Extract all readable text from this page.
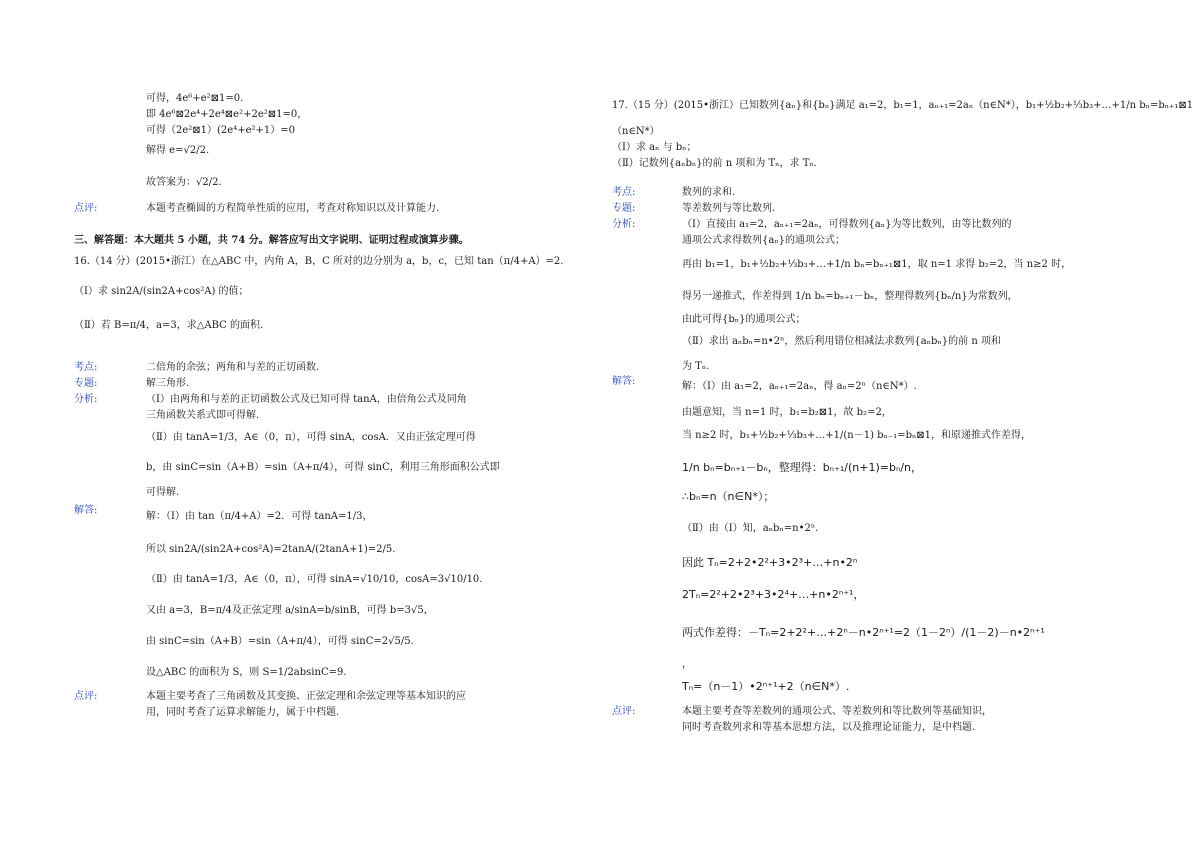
可得，4e⁶+e²⊠1=0.
即 4e⁶⊠2e⁴+2e⁴⊠e²+2e²⊠1=0，
可得（2e²⊠1）(2e⁴+e²+1）=0
解得 e=√2/2.
故答案为：√2/2.
点评:	本题考查椭圆的方程简单性质的应用，考查对称知识以及计算能力.
三、解答题：本大题共 5 小题，共 74 分。解答应写出文字说明、证明过程或演算步骤。
16.（14 分）(2015•浙江）在△ABC 中，内角 A，B，C 所对的边分别为 a，b，c，已知 tan（π/4+A）=2.
（Ⅰ）求 sin2A/(sin2A+cos²A) 的值；
（Ⅱ）若 B=π/4，a=3，求△ABC 的面积.
考点:	二倍角的余弦；两角和与差的正切函数.
专题:	解三角形.
分析:	（Ⅰ）由两角和与差的正切函数公式及已知可得 tanA，由倍角公式及同角
三角函数关系式即可得解.
（Ⅱ）由 tanA=1/3，A∈（0，π），可得 sinA，cosA．又由正弦定理可得
b，由 sinC=sin（A+B）=sin（A+π/4），可得 sinC，利用三角形面积公式即
可得解.
解答:
解：（Ⅰ）由 tan（π/4+A）=2．可得 tanA=1/3，
所以 sin2A/(sin2A+cos²A)=2tanA/(2tanA+1)=2/5.
（Ⅱ）由 tanA=1/3，A∈（0，π），可得 sinA=√10/10，cosA=3√10/10.
又由 a=3，B=π/4及正弦定理 a/sinA=b/sinB，可得 b=3√5，
由 sinC=sin（A+B）=sin（A+π/4），可得 sinC=2√5/5.
设△ABC 的面积为 S，则 S=1/2absinC=9.
点评:	本题主要考查了三角函数及其变换、正弦定理和余弦定理等基本知识的应
用，同时考查了运算求解能力，属于中档题.
17.（15 分）(2015•浙江）已知数列{aₙ}和{bₙ}满足 a₁=2，b₁=1，aₙ₊₁=2aₙ（n∈N*），b₁+½b₂+⅓b₃+…+1/n bₙ=bₙ₊₁⊠1
（n∈N*）
（Ⅰ）求 aₙ 与 bₙ；
（Ⅱ）记数列{aₙbₙ}的前 n 项和为 Tₙ，求 Tₙ.
考点:	数列的求和.
专题:	等差数列与等比数列.
分析:	（Ⅰ）直接由 a₁=2，aₙ₊₁=2aₙ，可得数列{aₙ}为等比数列，由等比数列的
通项公式求得数列{aₙ}的通项公式；
再由 b₁=1，b₁+½b₂+⅓b₃+…+1/n bₙ=bₙ₊₁⊠1，取 n=1 求得 b₂=2，当 n≥2 时，
得另一递推式，作差得到 1/n bₙ=bₙ₊₁－bₙ，整理得数列{bₙ/n}为常数列，
由此可得{bₙ}的通项公式；
（Ⅱ）求出 aₙbₙ=n•2ⁿ，然后利用错位相减法求数列{aₙbₙ}的前 n 项和
为 Tₙ.
解答:	解：（Ⅰ）由 a₁=2，aₙ₊₁=2aₙ，得 aₙ=2ⁿ（n∈N*）.
由题意知，当 n=1 时，b₁=b₂⊠1，故 b₂=2，
当 n≥2 时，b₁+½b₂+⅓b₃+…+1/(n－1) bₙ₋₁=bₙ⊠1，和原递推式作差得，
1/n bₙ=bₙ₊₁－bₙ，整理得：bₙ₊₁/(n+1)=bₙ/n，
∴bₙ=n（n∈N*）；
（Ⅱ）由（Ⅰ）知，aₙbₙ=n•2ⁿ.
因此 Tₙ=2+2•2²+3•2³+…+n•2ⁿ
2Tₙ=2²+2•2³+3•2⁴+…+n•2ⁿ⁺¹，
两式作差得：－Tₙ=2+2²+…+2ⁿ－n•2ⁿ⁺¹=2（1－2ⁿ）/(1－2)－n•2ⁿ⁺¹
，
Tₙ=（n－1）•2ⁿ⁺¹+2（n∈N*）.
点评:	本题主要考查等差数列的通项公式、等差数列和等比数列等基础知识，
同时考查数列求和等基本思想方法，以及推理论证能力，是中档题.
